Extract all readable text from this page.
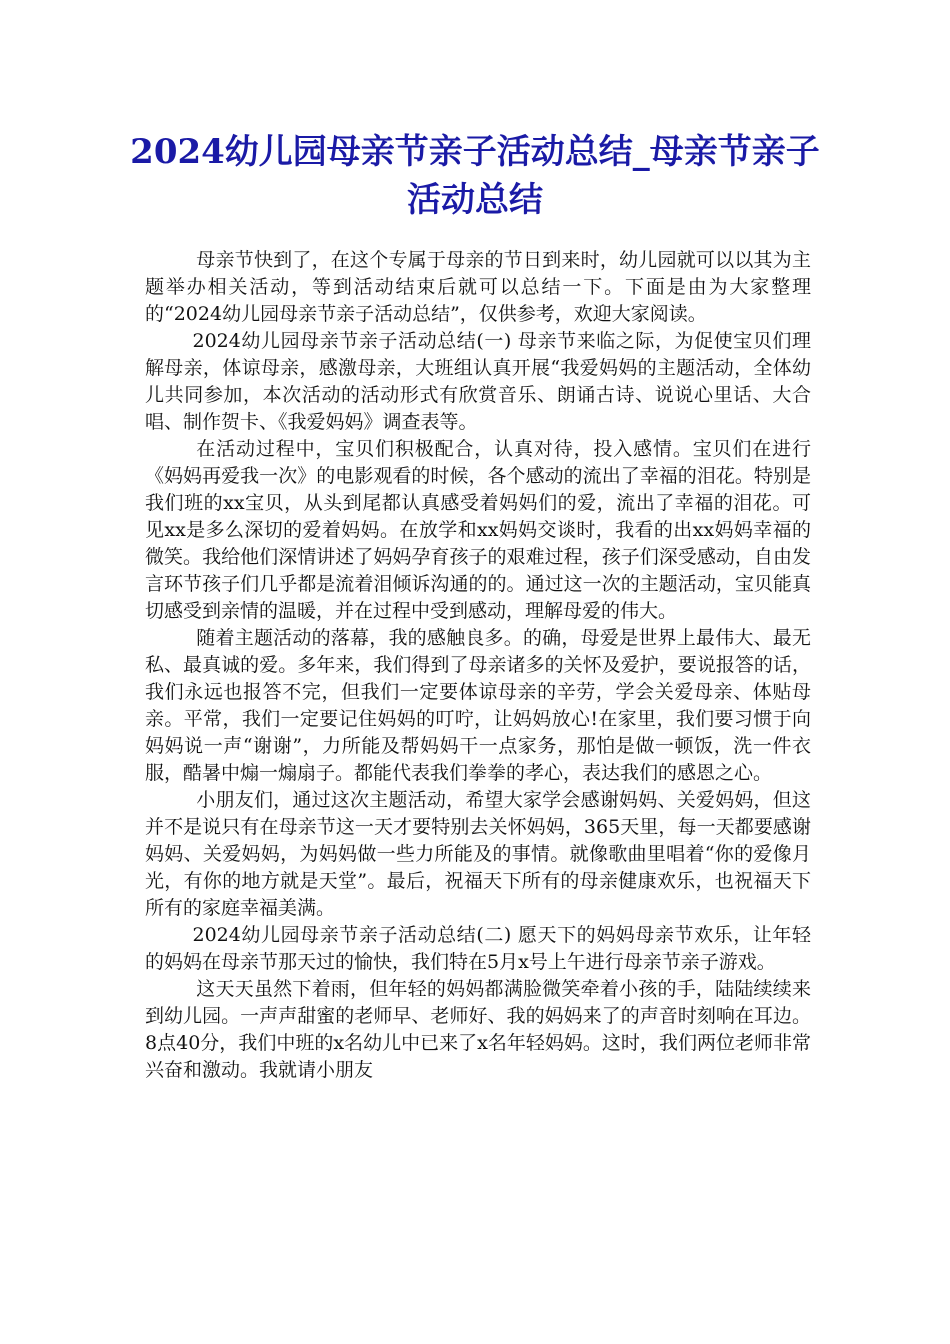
2024幼儿园母亲节亲子活动总结_母亲节亲子活动总结

母亲节快到了，在这个专属于母亲的节日到来时，幼儿园就可以以其为主题举办相关活动，等到活动结束后就可以总结一下。下面是由为大家整理的“2024幼儿园母亲节亲子活动总结”，仅供参考，欢迎大家阅读。

2024幼儿园母亲节亲子活动总结(一) 母亲节来临之际，为促使宝贝们理解母亲，体谅母亲，感激母亲，大班组认真开展“我爱妈妈的主题活动，全体幼儿共同参加，本次活动的活动形式有欣赏音乐、朗诵古诗、说说心里话、大合唱、制作贺卡、《我爱妈妈》调查表等。

在活动过程中，宝贝们积极配合，认真对待，投入感情。宝贝们在进行《妈妈再爱我一次》的电影观看的时候，各个感动的流出了幸福的泪花。特别是我们班的xx宝贝，从头到尾都认真感受着妈妈们的爱，流出了幸福的泪花。可见xx是多么深切的爱着妈妈。在放学和xx妈妈交谈时，我看的出xx妈妈幸福的微笑。我给他们深情讲述了妈妈孕育孩子的艰难过程，孩子们深受感动，自由发言环节孩子们几乎都是流着泪倾诉沟通的的。通过这一次的主题活动，宝贝能真切感受到亲情的温暖，并在过程中受到感动，理解母爱的伟大。

随着主题活动的落幕，我的感触良多。的确，母爱是世界上最伟大、最无私、最真诚的爱。多年来，我们得到了母亲诸多的关怀及爱护，要说报答的话，我们永远也报答不完，但我们一定要体谅母亲的辛劳，学会关爱母亲、体贴母亲。平常，我们一定要记住妈妈的叮咛，让妈妈放心!在家里，我们要习惯于向妈妈说一声“谢谢”，力所能及帮妈妈干一点家务，那怕是做一顿饭，洗一件衣服，酷暑中煽一煽扇子。都能代表我们拳拳的孝心，表达我们的感恩之心。

小朋友们，通过这次主题活动，希望大家学会感谢妈妈、关爱妈妈，但这并不是说只有在母亲节这一天才要特别去关怀妈妈，365天里，每一天都要感谢妈妈、关爱妈妈，为妈妈做一些力所能及的事情。就像歌曲里唱着“你的爱像月光，有你的地方就是天堂”。最后，祝福天下所有的母亲健康欢乐，也祝福天下所有的家庭幸福美满。

2024幼儿园母亲节亲子活动总结(二) 愿天下的妈妈母亲节欢乐，让年轻的妈妈在母亲节那天过的愉快，我们特在5月x号上午进行母亲节亲子游戏。

这天天虽然下着雨，但年轻的妈妈都满脸微笑牵着小孩的手，陆陆续续来到幼儿园。一声声甜蜜的老师早、老师好、我的妈妈来了的声音时刻响在耳边。8点40分，我们中班的x名幼儿中已来了x名年轻妈妈。这时，我们两位老师非常兴奋和激动。我就请小朋友
